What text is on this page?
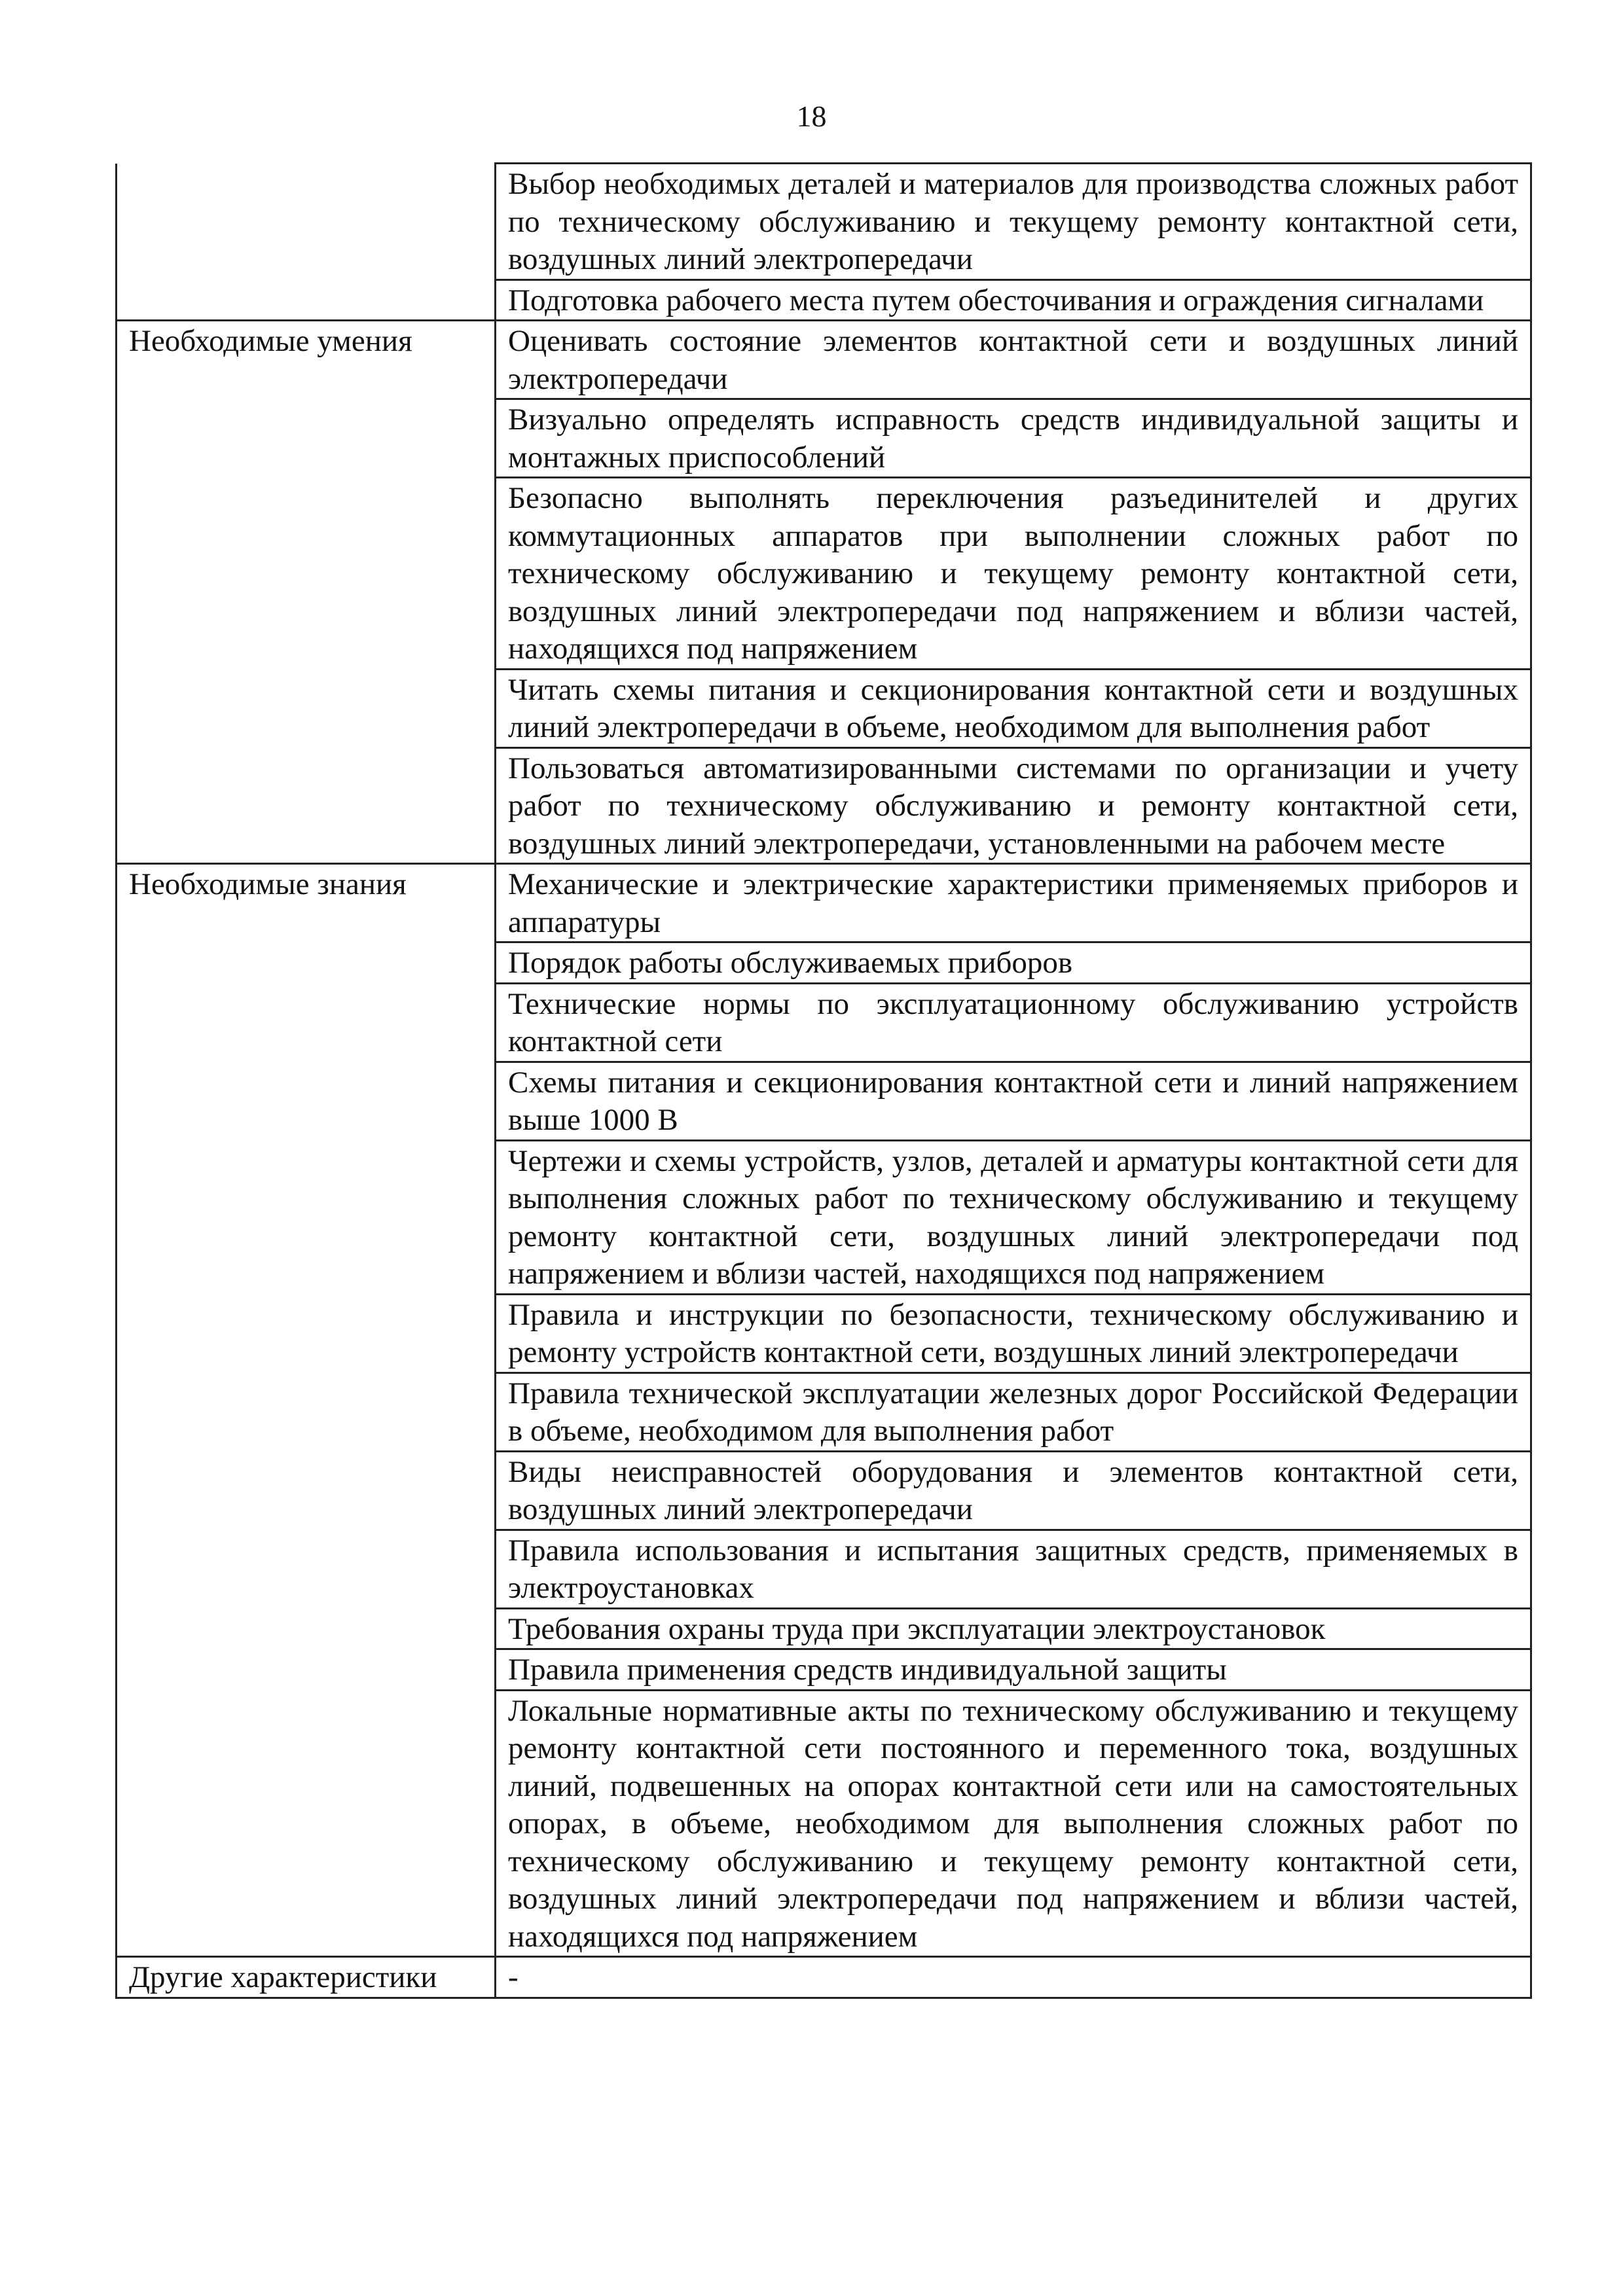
18
	Выбор необходимых деталей и материалов для производства сложных работ по техническому обслуживанию и текущему ремонту контактной сети, воздушных линий электропередачи
	Подготовка рабочего места путем обесточивания и ограждения сигналами
Необходимые умения	Оценивать состояние элементов контактной сети и воздушных линий электропередачи
	Визуально определять исправность средств индивидуальной защиты и монтажных приспособлений
	Безопасно выполнять переключения разъединителей и других коммутационных аппаратов при выполнении сложных работ по техническому обслуживанию и текущему ремонту контактной сети, воздушных линий электропередачи под напряжением и вблизи частей, находящихся под напряжением
	Читать схемы питания и секционирования контактной сети и воздушных линий электропередачи в объеме, необходимом для выполнения работ
	Пользоваться автоматизированными системами по организации и учету работ по техническому обслуживанию и ремонту контактной сети, воздушных линий электропередачи, установленными на рабочем месте
Необходимые знания	Механические и электрические характеристики применяемых приборов и аппаратуры
	Порядок работы обслуживаемых приборов
	Технические нормы по эксплуатационному обслуживанию устройств контактной сети
	Схемы питания и секционирования контактной сети и линий напряжением выше 1000 В
	Чертежи и схемы устройств, узлов, деталей и арматуры контактной сети для выполнения сложных работ по техническому обслуживанию и текущему ремонту контактной сети, воздушных линий электропередачи под напряжением и вблизи частей, находящихся под напряжением
	Правила и инструкции по безопасности, техническому обслуживанию и ремонту устройств контактной сети, воздушных линий электропередачи
	Правила технической эксплуатации железных дорог Российской Федерации в объеме, необходимом для выполнения работ
	Виды неисправностей оборудования и элементов контактной сети, воздушных линий электропередачи
	Правила использования и испытания защитных средств, применяемых в электроустановках
	Требования охраны труда при эксплуатации электроустановок
	Правила применения средств индивидуальной защиты
	Локальные нормативные акты по техническому обслуживанию и текущему ремонту контактной сети постоянного и переменного тока, воздушных линий, подвешенных на опорах контактной сети или на самостоятельных опорах, в объеме, необходимом для выполнения сложных работ по техническому обслуживанию и текущему ремонту контактной сети, воздушных линий электропередачи под напряжением и вблизи частей, находящихся под напряжением
Другие характеристики	-
